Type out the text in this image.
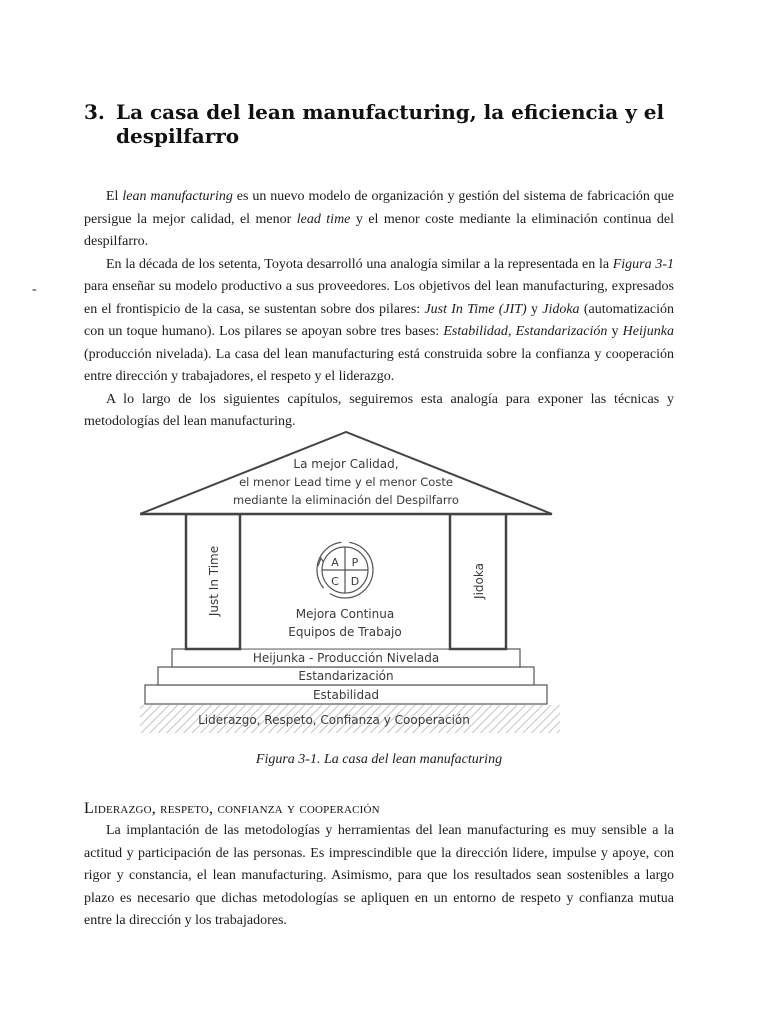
3. La casa del lean manufacturing, la eficiencia y el despilfarro
-

El lean manufacturing es un nuevo modelo de organización y gestión del sistema de fabricación que persigue la mejor calidad, el menor lead time y el menor coste mediante la eliminación continua del despilfarro.

En la década de los setenta, Toyota desarrolló una analogía similar a la representada en la Figura 3-1 para enseñar su modelo productivo a sus proveedores. Los objetivos del lean manufacturing, expresados en el frontispicio de la casa, se sustentan sobre dos pilares: Just In Time (JIT) y Jidoka (automatización con un toque humano). Los pilares se apoyan sobre tres bases: Estabilidad, Estandarización y Heijunka (producción nivelada). La casa del lean manufacturing está construida sobre la confianza y cooperación entre dirección y trabajadores, el respeto y el liderazgo.

A lo largo de los siguientes capítulos, seguiremos esta analogía para exponer las técnicas y metodologías del lean manufacturing.

Liderazgo, Respeto, Confianza y Cooperación
Estabilidad
Estandarización
Heijunka - Producción Nivelada
Just In Time	Jidoka
La mejor Calidad,
el menor Lead time y el menor Coste
mediante la eliminación del Despilfarro
A P
C D
Mejora Continua
Equipos de Trabajo
Figura 3-1. La casa del lean manufacturing
Liderazgo, respeto, confianza y cooperación

La implantación de las metodologías y herramientas del lean manufacturing es muy sensible a la actitud y participación de las personas. Es imprescindible que la dirección lidere, impulse y apoye, con rigor y constancia, el lean manufacturing. Asimismo, para que los resultados sean sostenibles a largo plazo es necesario que dichas metodologías se apliquen en un entorno de respeto y confianza mutua entre la dirección y los trabajadores.
